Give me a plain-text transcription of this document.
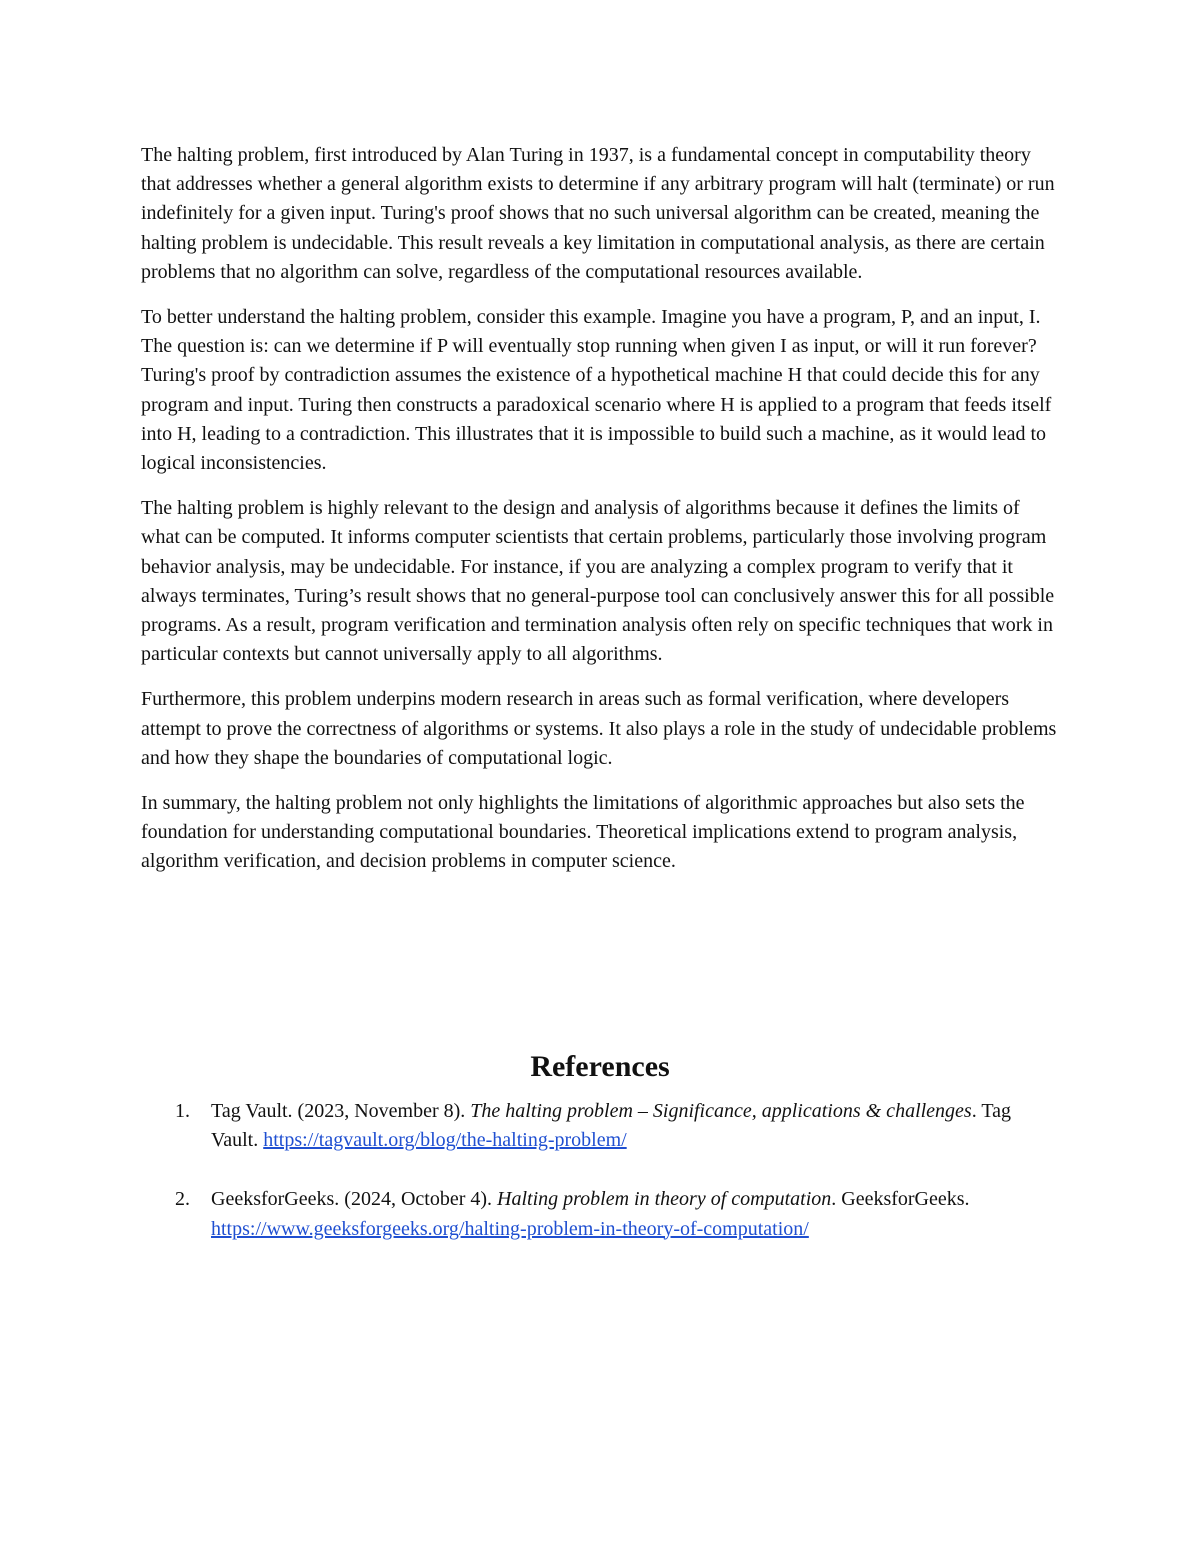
The halting problem, first introduced by Alan Turing in 1937, is a fundamental concept in computability theory that addresses whether a general algorithm exists to determine if any arbitrary program will halt (terminate) or run indefinitely for a given input. Turing's proof shows that no such universal algorithm can be created, meaning the halting problem is undecidable. This result reveals a key limitation in computational analysis, as there are certain problems that no algorithm can solve, regardless of the computational resources available.

To better understand the halting problem, consider this example. Imagine you have a program, P, and an input, I. The question is: can we determine if P will eventually stop running when given I as input, or will it run forever? Turing's proof by contradiction assumes the existence of a hypothetical machine H that could decide this for any program and input. Turing then constructs a paradoxical scenario where H is applied to a program that feeds itself into H, leading to a contradiction. This illustrates that it is impossible to build such a machine, as it would lead to logical inconsistencies.

The halting problem is highly relevant to the design and analysis of algorithms because it defines the limits of what can be computed. It informs computer scientists that certain problems, particularly those involving program behavior analysis, may be undecidable. For instance, if you are analyzing a complex program to verify that it always terminates, Turing’s result shows that no general-purpose tool can conclusively answer this for all possible programs. As a result, program verification and termination analysis often rely on specific techniques that work in particular contexts but cannot universally apply to all algorithms.

Furthermore, this problem underpins modern research in areas such as formal verification, where developers attempt to prove the correctness of algorithms or systems. It also plays a role in the study of undecidable problems and how they shape the boundaries of computational logic.

In summary, the halting problem not only highlights the limitations of algorithmic approaches but also sets the foundation for understanding computational boundaries. Theoretical implications extend to program analysis, algorithm verification, and decision problems in computer science.

References
1. Tag Vault. (2023, November 8). The halting problem – Significance, applications & challenges. Tag Vault. https://tagvault.org/blog/the-halting-problem/
2. GeeksforGeeks. (2024, October 4). Halting problem in theory of computation. GeeksforGeeks. https://www.geeksforgeeks.org/halting-problem-in-theory-of-computation/
